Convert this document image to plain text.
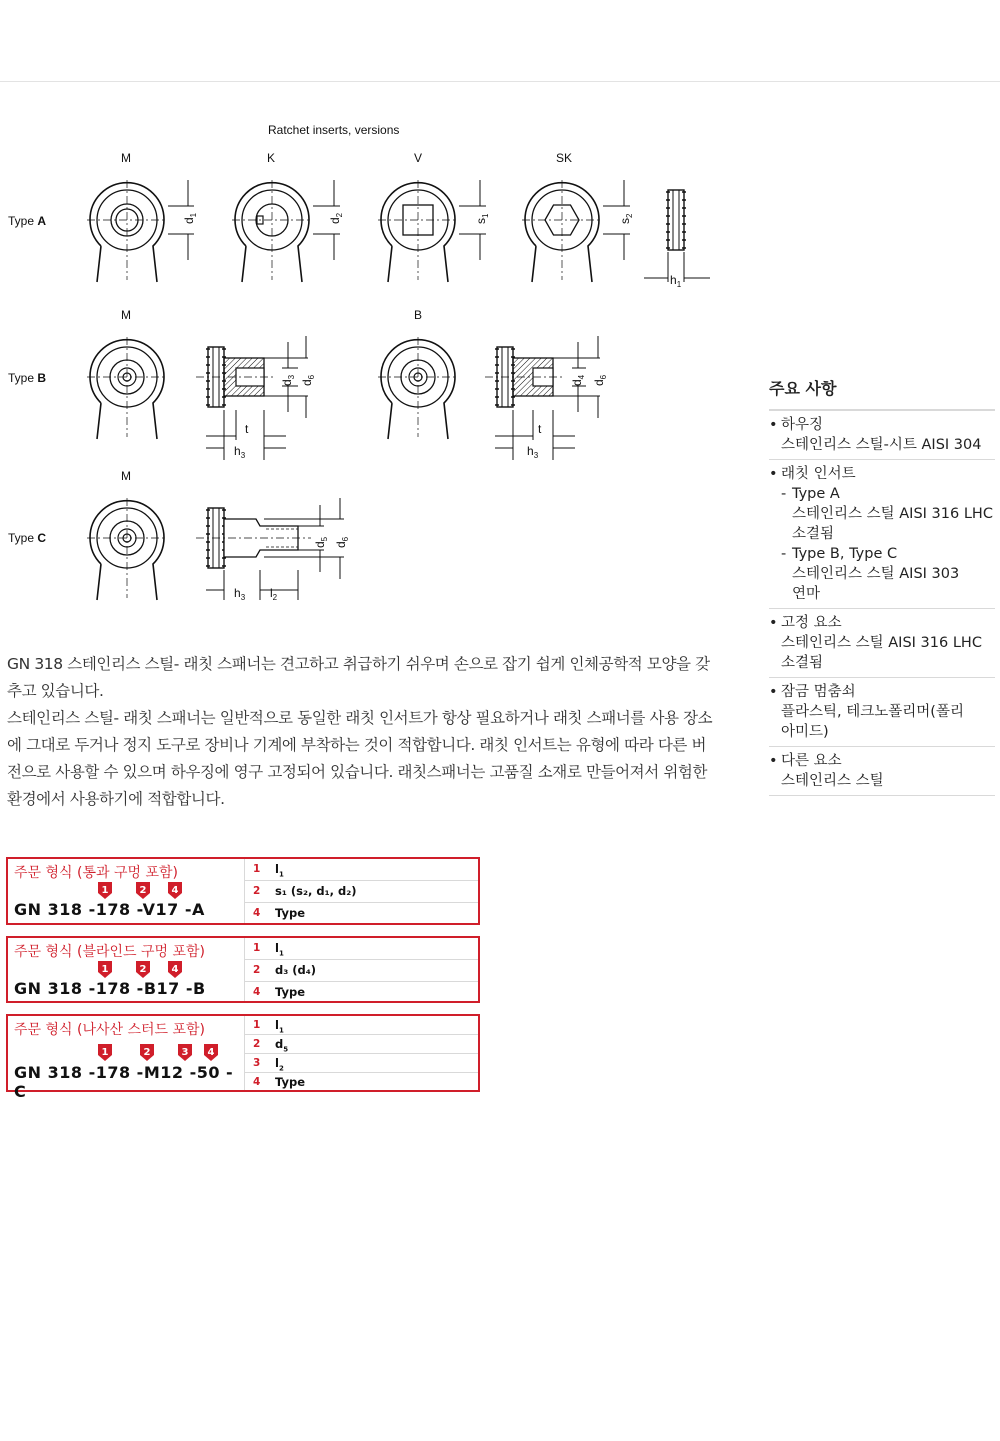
Ratchet inserts, versions
M	K	V	SK
Type A	$d_1$
$d_2$
$s_1$
$s_2$
$h_1$
M	B
Type B	$d_3$
$d_6$
t
$h_3$
$d_4$
$d_6$
t
$h_3$
M
Type C	$d_5$
$d_6$
$h_3$ $l_2$

GN 318 스테인리스 스틸- 래칫 스패너는 견고하고 취급하기 쉬우며 손으로 잡기 쉽게 인체공학적 모양을 갖추고 있습니다.

스테인리스 스틸- 래칫 스패너는 일반적으로 동일한 래칫 인서트가 항상 필요하거나 래칫 스패너를 사용 장소에 그대로 두거나 정지 도구로 장비나 기계에 부착하는 것이 적합합니다. 래칫 인서트는 유형에 따라 다른 버전으로 사용할 수 있으며 하우징에 영구 고정되어 있습니다. 래칫스패너는 고품질 소재로 만들어져서 위험한 환경에서 사용하기에 적합합니다.

주요 사항
• 하우징
스테인리스 스틸-시트 AISI 304
• 래칫 인서트
- Type A
스테인리스 스틸 AISI 316 LHC
소결됨
- Type B, Type C
스테인리스 스틸 AISI 303
연마
• 고정 요소
스테인리스 스틸 AISI 316 LHC
소결됨
• 잠금 멈춤쇠
플라스틱, 테크노폴리머(폴리
아미드)
• 다른 요소
스테인리스 스틸
주문 형식 (통과 구멍 포함)
1	2	4
GN 318 -178 -V17 -A
1 $l_1$
2 s₁ (s₂, d₁, d₂)
4 Type
주문 형식 (블라인드 구멍 포함)
1	2	4
GN 318 -178 -B17 -B
1 $l_1$
2 d₃ (d₄)
4 Type
주문 형식 (나사산 스터드 포함)
1	2	3 4
GN 318 -178 -M12 -50 -C
1 $l_1$
2 $d_5$
3 $l_2$
4 Type
